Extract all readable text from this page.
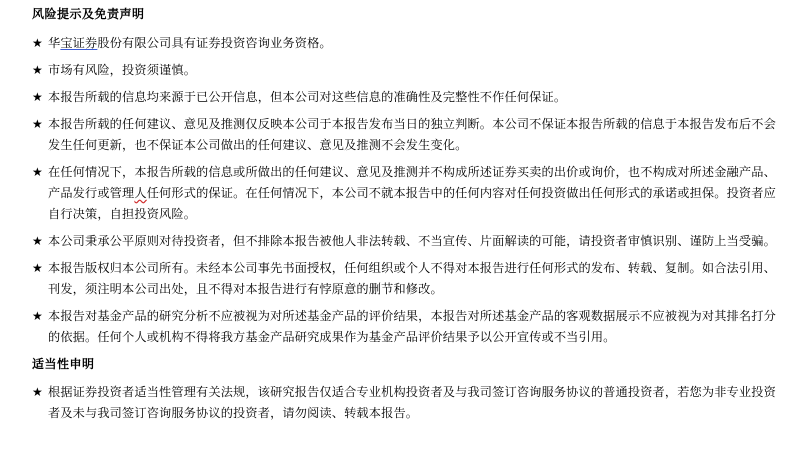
风险提示及免责声明
★ 华宝证券股份有限公司具有证券投资咨询业务资格。
★ 市场有风险，投资须谨慎。
★ 本报告所载的信息均来源于已公开信息，但本公司对这些信息的准确性及完整性不作任何保证。
★ 本报告所载的任何建议、意见及推测仅反映本公司于本报告发布当日的独立判断。本公司不保证本报告所载的信息于本报告发布后不会发生任何更新，也不保证本公司做出的任何建议、意见及推测不会发生变化。
★ 在任何情况下，本报告所载的信息或所做出的任何建议、意见及推测并不构成所述证券买卖的出价或询价，也不构成对所述金融产品、产品发行或管理人任何形式的保证。在任何情况下，本公司不就本报告中的任何内容对任何投资做出任何形式的承诺或担保。投资者应自行决策，自担投资风险。
★ 本公司秉承公平原则对待投资者，但不排除本报告被他人非法转载、不当宣传、片面解读的可能，请投资者审慎识别、谨防上当受骗。
★ 本报告版权归本公司所有。未经本公司事先书面授权，任何组织或个人不得对本报告进行任何形式的发布、转载、复制。如合法引用、刊发，须注明本公司出处，且不得对本报告进行有悖原意的删节和修改。
★ 本报告对基金产品的研究分析不应被视为对所述基金产品的评价结果，本报告对所述基金产品的客观数据展示不应被视为对其排名打分的依据。任何个人或机构不得将我方基金产品研究成果作为基金产品评价结果予以公开宣传或不当引用。
适当性申明
★ 根据证券投资者适当性管理有关法规，该研究报告仅适合专业机构投资者及与我司签订咨询服务协议的普通投资者，若您为非专业投资者及未与我司签订咨询服务协议的投资者，请勿阅读、转载本报告。
